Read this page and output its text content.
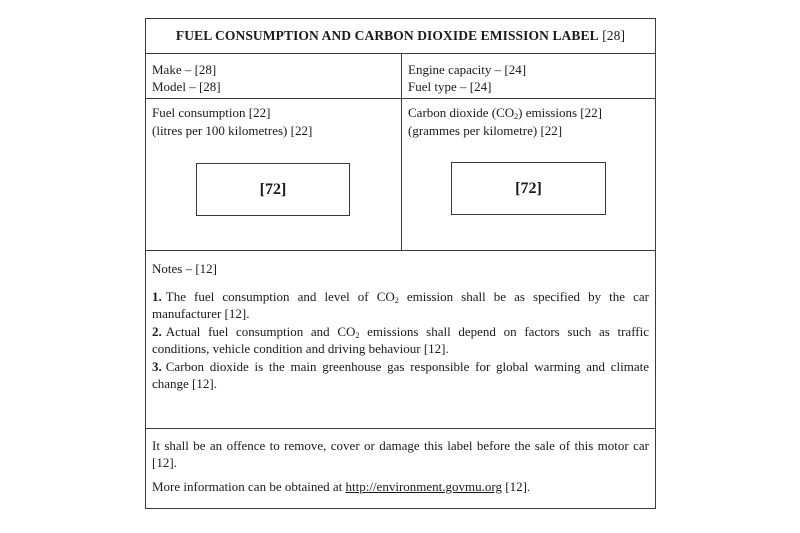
FUEL CONSUMPTION AND CARBON DIOXIDE EMISSION LABEL [28]
Make – [28]
Model – [28]
Engine capacity – [24]
Fuel type – [24]
Fuel consumption [22]
(litres per 100 kilometres) [22]
[72]
Carbon dioxide $(CO_2)$ emissions [22]
(grammes per kilometre) [22]
[72]
Notes – [12]

1. The fuel consumption and level of $CO_2$ emission shall be as specified by the car manufacturer [12].

2. Actual fuel consumption and $CO_2$ emissions shall depend on factors such as traffic conditions, vehicle condition and driving behaviour [12].

3. Carbon dioxide is the main greenhouse gas responsible for global warming and climate change [12].

It shall be an offence to remove, cover or damage this label before the sale of this motor car [12].
More information can be obtained at http://environment.govmu.org [12].
